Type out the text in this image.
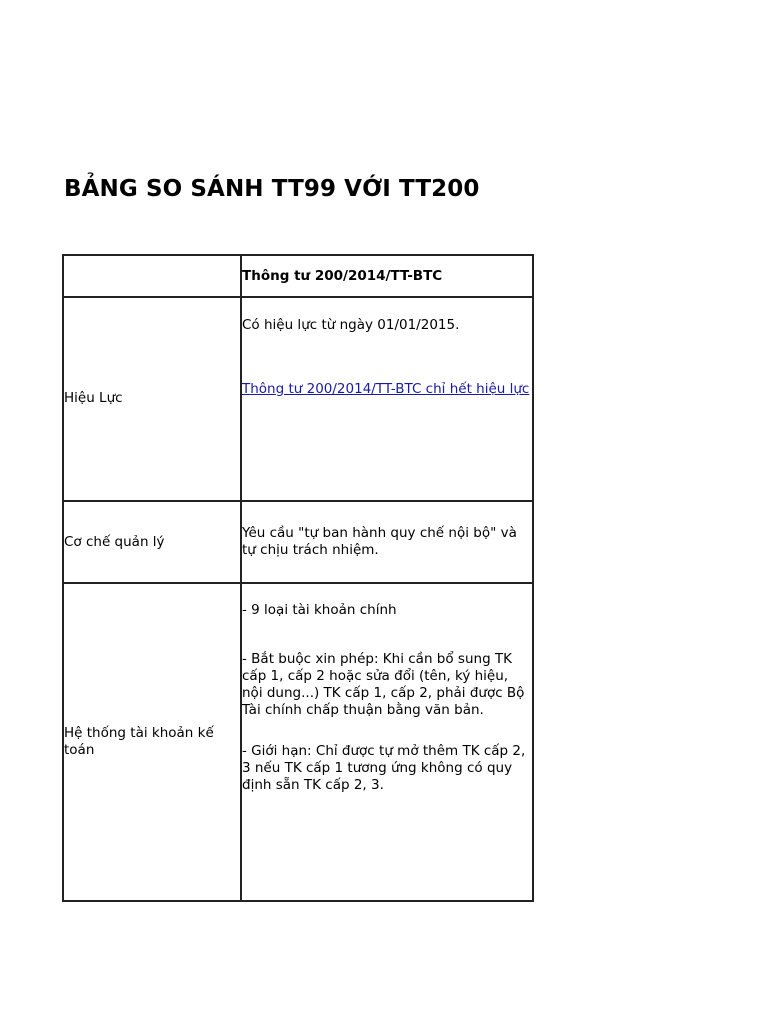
BẢNG SO SÁNH TT99 VỚI TT200

Thông tư 200/2014/TT-BTC

Hiệu Lực

Có hiệu lực từ ngày 01/01/2015.

Thông tư 200/2014/TT-BTC chỉ hết hiệu lực

Cơ chế quản lý

Yêu cầu "tự ban hành quy chế nội bộ" và tự chịu trách nhiệm.

Hệ thống tài khoản kế toán

- 9 loại tài khoản chính

- Bắt buộc xin phép: Khi cần bổ sung TK cấp 1, cấp 2 hoặc sửa đổi (tên, ký hiệu, nội dung...) TK cấp 1, cấp 2, phải được Bộ Tài chính chấp thuận bằng văn bản.

- Giới hạn: Chỉ được tự mở thêm TK cấp 2, 3 nếu TK cấp 1 tương ứng không có quy định sẵn TK cấp 2, 3.
